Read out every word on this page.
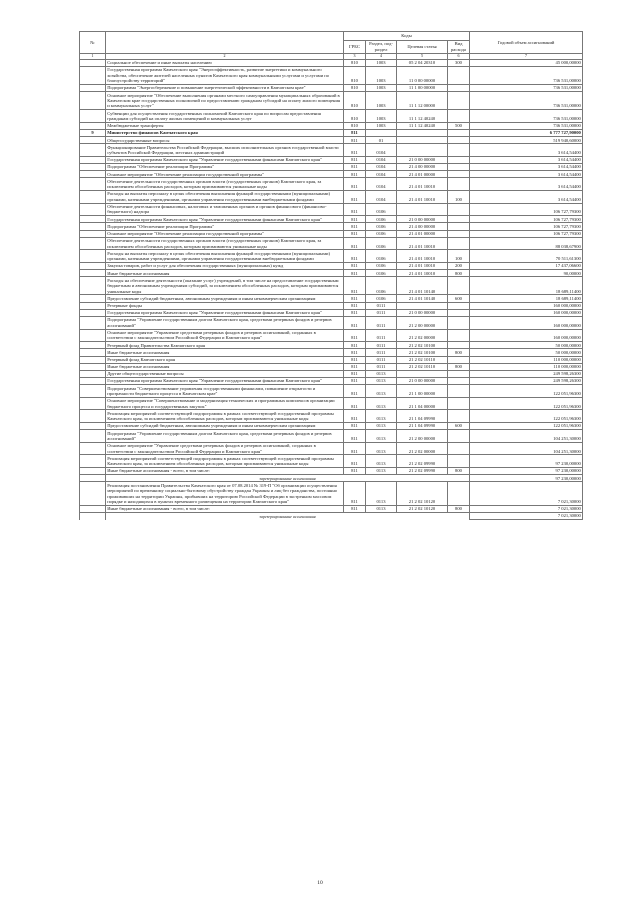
№		Коды				Годовой объем ассигнований
		ГРБС	Раздел, под-раздел	Целевая статья	Вид расхода	
1	2	3	4	5	6	7
	Социальное обеспечение и иные выплаты населению	810	1003	05 2 04 20310	300	45 000,00000
	Государственная программа Камчатского края "Энергоэффективность, развитие энергетики и коммунального хозяйства, обеспечение жителей населенных пунктов Камчатского края коммунальными услугами и услугами по благоустройству территорий"	810	1003	11 0 00 00000		736 531,00000
	Подпрограмма "Энергосбережение и повышение энергетической эффективности в Камчатском крае"	810	1003	11 1 00 00000		736 531,00000
	Основное мероприятие "Обеспечение выполнения органами местного самоуправления муниципальных образований в Камчатском крае государственных полномочий по предоставлению гражданам субсидий на оплату жилого помещения и коммунальных услуг"	810	1003	11 1 12 00000		736 531,00000
	Субвенции для осуществления государственных полномочий Камчатского края по вопросам предоставления гражданам субсидий на оплату жилых помещений и коммунальных услуг	810	1003	11 1 12 40240		736 531,00000
	Межбюджетные трансферты	810	1003	11 1 12 40240	500	736 531,00000
9	Министерство финансов Камчатского края	811				6 777 727,90000
	Общегосударственные вопросы	811	01			519 940,60000
	Функционирование Правительства Российской Федерации, высших исполнительных органов государственной власти субъектов Российской Федерации, местных администраций	811	0104			3 614,54400
	Государственная программа Камчатского края "Управление государственными финансами Камчатского края"	811	0104	21 0 00 00000		3 614,54400
	Подпрограмма "Обеспечение реализации Программы"	811	0104	21 4 00 00000		3 614,54400
	Основное мероприятие "Обеспечение реализации государственной программы"	811	0104	21 4 01 00000		3 614,54400
	Обеспечение деятельности государственных органов власти (государственных органов) Камчатского края, за исключением обособленных расходов, которым присваиваются уникальные коды	811	0104	21 4 01 10010		3 614,54400
	Расходы на выплаты персоналу в целях обеспечения выполнения функций государственными (муниципальными) органами, казенными учреждениями, органами управления государственными внебюджетными фондами	811	0104	21 4 01 10010	100	3 614,54400
	Обеспечение деятельности финансовых, налоговых и таможенных органов и органов финансового (финансово-бюджетного) надзора	811	0106			106 727,79300
	Государственная программа Камчатского края "Управление государственными финансами Камчатского края"	811	0106	21 0 00 00000		106 727,79300
	Подпрограмма "Обеспечение реализации Программы"	811	0106	21 4 00 00000		106 727,79300
	Основное мероприятие "Обеспечение реализации государственной программы"	811	0106	21 4 01 00000		106 727,79300
	Обеспечение деятельности государственных органов власти (государственных органов) Камчатского края, за исключением обособленных расходов, которым присваиваются уникальные коды	811	0106	21 4 01 10010		88 038,67900
	Расходы на выплаты персоналу в целях обеспечения выполнения функций государственными (муниципальными) органами, казенными учреждениями, органами управления государственными внебюджетными фондами	811	0106	21 4 01 10010	100	70 511,61300
	Закупка товаров, работ и услуг для обеспечения государственных (муниципальных) нужд	811	0106	21 4 01 10010	200	17 437,06600
	Иные бюджетные ассигнования	811	0106	21 4 01 10010	800	90,00000
	Расходы на обеспечение деятельности (оказание услуг) учреждений, в том числе на предоставление государственным бюджетным и автономным учреждениям субсидий, за исключением обособленных расходов, которым присваиваются уникальные коды	811	0106	21 4 01 10140		18 689,11400
	Предоставление субсидий бюджетным, автономным учреждениям и иным некоммерческим организациям	811	0106	21 4 01 10140	600	18 689,11400
	Резервные фонды	811	0111			160 000,00000
	Государственная программа Камчатского края "Управление государственными финансами Камчатского края"	811	0111	21 0 00 00000		160 000,00000
	Подпрограмма "Управление государственным долгом Камчатского края, средствами резервных фондов и резервов ассигнований"	811	0111	21 2 00 00000		160 000,00000
	Основное мероприятие "Управление средствами резервных фондов и резервов ассигнований, созданных в соответствии с законодательством Российской Федерации и Камчатского края"	811	0111	21 2 02 00000		160 000,00000
	Резервный фонд Правительства Камчатского края	811	0111	21 2 02 10100		50 000,00000
	Иные бюджетные ассигнования	811	0111	21 2 02 10100	800	50 000,00000
	Резервный фонд Камчатского края	811	0111	21 2 02 10110		110 000,00000
	Иные бюджетные ассигнования	811	0111	21 2 02 10110	800	110 000,00000
	Другие общегосударственные вопросы	811	0113			249 598,26300
	Государственная программа Камчатского края "Управление государственными финансами Камчатского края"	811	0113	21 0 00 00000		249 598,26300
	Подпрограмма "Совершенствование управления государственными финансами, повышение открытости и прозрачности бюджетного процесса в Камчатском крае"	811	0113	21 1 00 00000		122 051,96300
	Основное мероприятие "Совершенствование и модернизация технических и программных комплексов организации бюджетного процесса и государственных закупок"	811	0113	21 1 04 00000		122 051,96300
	Реализация мероприятий соответствующей подпрограммы в рамках соответствующей государственной программы Камчатского края, за исключением обособленных расходов, которым присваиваются уникальные коды	811	0113	21 1 04 09990		122 051,96300
	Предоставление субсидий бюджетным, автономным учреждениям и иным некоммерческим организациям	811	0113	21 1 04 09990	600	122 051,96300
	Подпрограмма "Управление государственным долгом Камчатского края, средствами резервных фондов и резервов ассигнований"	811	0113	21 2 00 00000		104 251,30000
	Основное мероприятие "Управление средствами резервных фондов и резервов ассигнований, созданных в соответствии с законодательством Российской Федерации и Камчатского края"	811	0113	21 2 02 00000		104 251,30000
	Реализация мероприятий соответствующей подпрограммы в рамках соответствующей государственной программы Камчатского края, за исключением обособленных расходов, которым присваиваются уникальные коды	811	0113	21 2 02 09990		97 230,00000
	Иные бюджетные ассигнования - всего, в том числе:	811	0113	21 2 02 09990	800	97 230,00000
	зарезервированные ассигнования					97 230,00000
	Реализация постановления Правительства Камчатского края от 07.08.2014 № 319-П "Об организации осуществления мероприятий по временному социально-бытовому обустройству граждан Украины и лиц без гражданства, постоянно проживавших на территории Украины, прибывших на территорию Российской Федерации в экстренном массовом порядке и находящихся в пунктах временного размещения на территории Камчатского края"	811	0113	21 2 02 10120		7 021,30000
	Иные бюджетные ассигнования - всего, в том числе:	811	0113	21 2 02 10120	800	7 021,30000
	зарезервированные ассигнования					7 021,30000
10
